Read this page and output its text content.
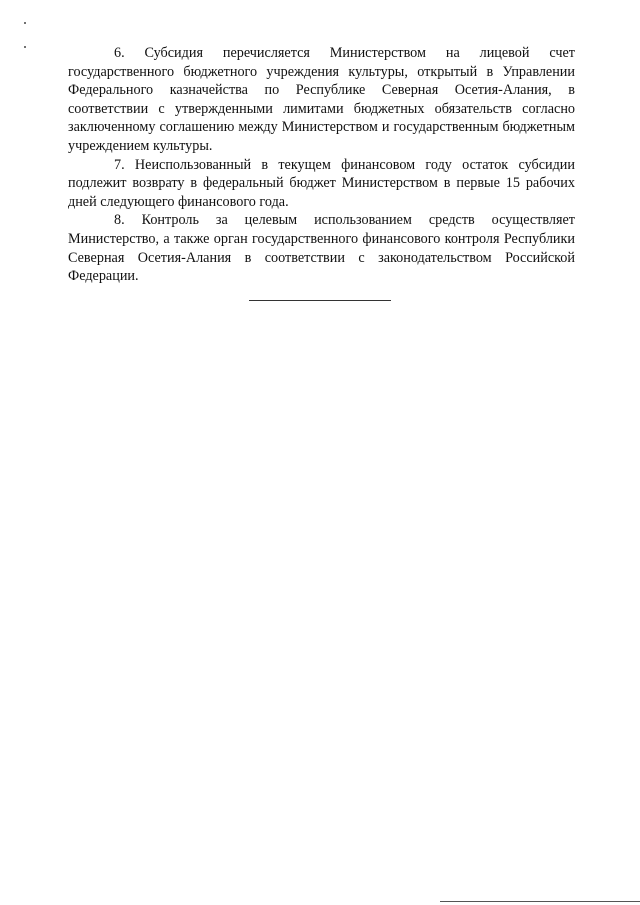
6. Субсидия перечисляется Министерством на лицевой счет государственного бюджетного учреждения культуры, открытый в Управлении Федерального казначейства по Республике Северная Осетия-Алания, в соответствии с утвержденными лимитами бюджетных обязательств согласно заключенному соглашению между Министерством и государственным бюджетным учреждением культуры.

7. Неиспользованный в текущем финансовом году остаток субсидии подлежит возврату в федеральный бюджет Министерством в первые 15 рабочих дней следующего финансового года.

8. Контроль за целевым использованием средств осуществляет Министерство, а также орган государственного финансового контроля Республики Северная Осетия-Алания в соответствии с законодательством Российской Федерации.
